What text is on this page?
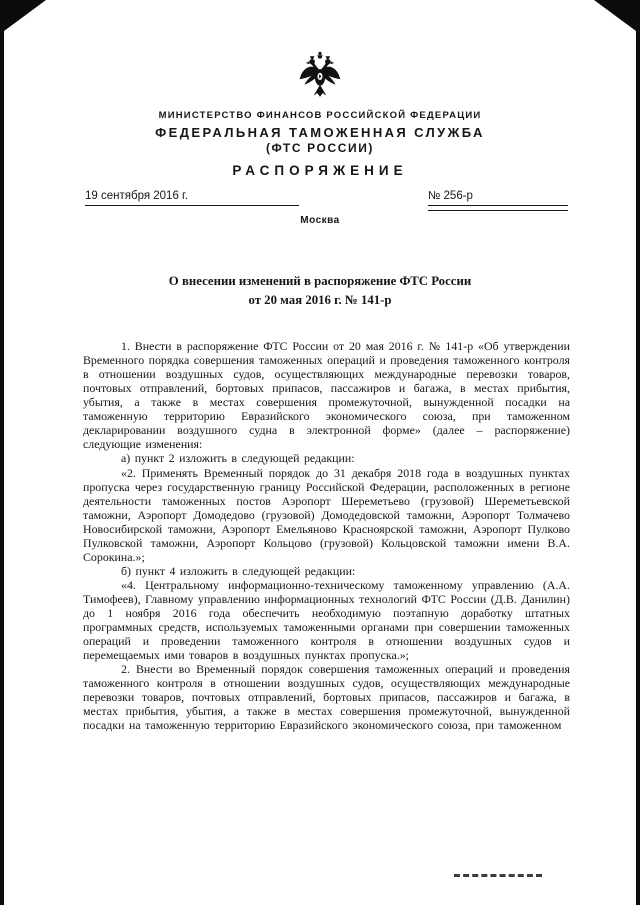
МИНИСТЕРСТВО ФИНАНСОВ РОССИЙСКОЙ ФЕДЕРАЦИИ
ФЕДЕРАЛЬНАЯ ТАМОЖЕННАЯ СЛУЖБА
(ФТС РОССИИ)
РАСПОРЯЖЕНИЕ
19 сентября 2016 г.	№ 256-р
Москва
О внесении изменений в распоряжение ФТС России
от 20 мая 2016 г. № 141-р

1. Внести в распоряжение ФТС России от 20 мая 2016 г. № 141-р «Об утверждении Временного порядка совершения таможенных операций и проведения таможенного контроля в отношении воздушных судов, осуществляющих международные перевозки товаров, почтовых отправлений, бортовых припасов, пассажиров и багажа, в местах прибытия, убытия, а также в местах совершения промежуточной, вынужденной посадки на таможенную территорию Евразийского экономического союза, при таможенном декларировании воздушного судна в электронной форме» (далее – распоряжение) следующие изменения:

а) пункт 2 изложить в следующей редакции:

«2. Применять Временный порядок до 31 декабря 2018 года в воздушных пунктах пропуска через государственную границу Российской Федерации, расположенных в регионе деятельности таможенных постов Аэропорт Шереметьево (грузовой) Шереметьевской таможни, Аэропорт Домодедово (грузовой) Домодедовской таможни, Аэропорт Толмачево Новосибирской таможни, Аэропорт Емельяново Красноярской таможни, Аэропорт Пулково Пулковской таможни, Аэропорт Кольцово (грузовой) Кольцовской таможни имени В.А. Сорокина.»;

б) пункт 4 изложить в следующей редакции:

«4. Центральному информационно-техническому таможенному управлению (А.А. Тимофеев), Главному управлению информационных технологий ФТС России (Д.В. Данилин) до 1 ноября 2016 года обеспечить необходимую поэтапную доработку штатных программных средств, используемых таможенными органами при совершении таможенных операций и проведении таможенного контроля в отношении воздушных судов и перемещаемых ими товаров в воздушных пунктах пропуска.»;

2. Внести во Временный порядок совершения таможенных операций и проведения таможенного контроля в отношении воздушных судов, осуществляющих международные перевозки товаров, почтовых отправлений, бортовых припасов, пассажиров и багажа, в местах прибытия, убытия, а также в местах совершения промежуточной, вынужденной посадки на таможенную территорию Евразийского экономического союза, при таможенном
